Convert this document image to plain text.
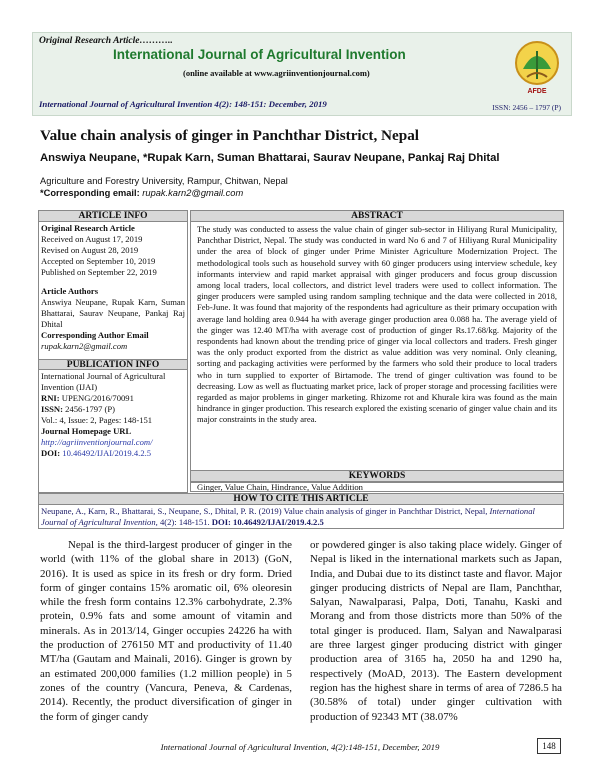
Original Research Article………..
International Journal of Agricultural Invention
(online available at www.agriinventionjournal.com)
International Journal of Agricultural Invention 4(2): 148-151: December, 2019	ISSN: 2456 – 1797 (P)
AFDE
Value chain analysis of ginger in Panchthar District, Nepal
Answiya Neupane, *Rupak Karn, Suman Bhattarai, Saurav Neupane, Pankaj Raj Dhital
Agriculture and Forestry University, Rampur, Chitwan, Nepal
*Corresponding email: rupak.karn2@gmail.com
ARTICLE INFO
Original Research Article
Received on August 17, 2019
Revised on August 28, 2019
Accepted on September 10, 2019
Published on September 22, 2019
Article Authors
Answiya Neupane, Rupak Karn, Suman Bhattarai, Saurav Neupane, Pankaj Raj Dhital
Corresponding Author Email
rupak.karn2@gmail.com
PUBLICATION INFO
International Journal of Agricultural Invention (IJAI)
RNI: UPENG/2016/70091
ISSN: 2456-1797 (P)
Vol.: 4, Issue: 2, Pages: 148-151
Journal Homepage URL
http://agriinventionjournal.com/
DOI: 10.46492/IJAI/2019.4.2.5
ABSTRACT
The study was conducted to assess the value chain of ginger sub-sector in Hiliyang Rural Municipality, Panchthar District, Nepal. The study was conducted in ward No 6 and 7 of Hiliyang Rural Municipality under the area of block of ginger under Prime Minister Agriculture Modernization Project. The methodological tools such as household survey with 60 ginger producers using interview schedule, key informants interview and rapid market appraisal with ginger producers and focus group discussion among local traders, local collectors, and district level traders were used to collect information. The ginger producers were sampled using random sampling technique and the data were collected in 2018, Feb-June. It was found that majority of the respondents had agriculture as their primary occupation with average land holding area 0.944 ha with average ginger production area 0.088 ha. The average yield of the ginger was 12.40 MT/ha with average cost of production of ginger Rs.17.68/kg. Majority of the respondents had known about the trending price of ginger via local collectors and traders. Fresh ginger was the only product exported from the district as value addition was very nominal. Only cleaning, sorting and packaging activities were performed by the farmers who sold their produce to local traders who in turn supplied to exporter of Birtamode. The trend of ginger cultivation was found to be decreasing. Low as well as fluctuating market price, lack of proper storage and processing facilities were regarded as major problems in ginger marketing. Rhizome rot and Khurale kira was found as the main hindrance in ginger production. This research explored the existing scenario of ginger value chain and its major constraints in the study area.
KEYWORDS
Ginger, Value Chain, Hindrance, Value Addition
HOW TO CITE THIS ARTICLE
Neupane, A., Karn, R., Bhattarai, S., Neupane, S., Dhital, P. R. (2019) Value chain analysis of ginger in Panchthar District, Nepal, International Journal of Agricultural Invention, 4(2): 148-151. DOI: 10.46492/IJAI/2019.4.2.5

Nepal is the third-largest producer of ginger in the world (with 11% of the global share in 2013) (GoN, 2016). It is used as spice in its fresh or dry form. Dried form of ginger contains 15% aromatic oil, 6% oleoresin while the fresh form contains 12.3% carbohydrate, 2.3% protein, 0.9% fats and some amount of vitamin and minerals. As in 2013/14, Ginger occupies 24226 ha with the production of 276150 MT and productivity of 11.40 MT/ha (Gautam and Mainali, 2016). Ginger is grown by an estimated 200,000 families (1.2 million people) in 5 zones of the country (Vancura, Peneva, & Cardenas, 2014). Recently, the product diversification of ginger in the form of ginger candy

or powdered ginger is also taking place widely. Ginger of Nepal is liked in the international markets such as Japan, India, and Dubai due to its distinct taste and flavor. Major ginger producing districts of Nepal are Ilam, Panchthar, Salyan, Nawalparasi, Palpa, Doti, Tanahu, Kaski and Morang and from those districts more than 50% of the total ginger is produced. Ilam, Salyan and Nawalparasi are three largest ginger producing district with ginger production area of 3165 ha, 2050 ha and 1290 ha, respectively (MoAD, 2013). The Eastern development region has the highest share in terms of area of 7286.5 ha (30.58% of total) under ginger cultivation with production of 92343 MT (38.07%

International Journal of Agricultural Invention, 4(2):148-151, December, 2019	148
